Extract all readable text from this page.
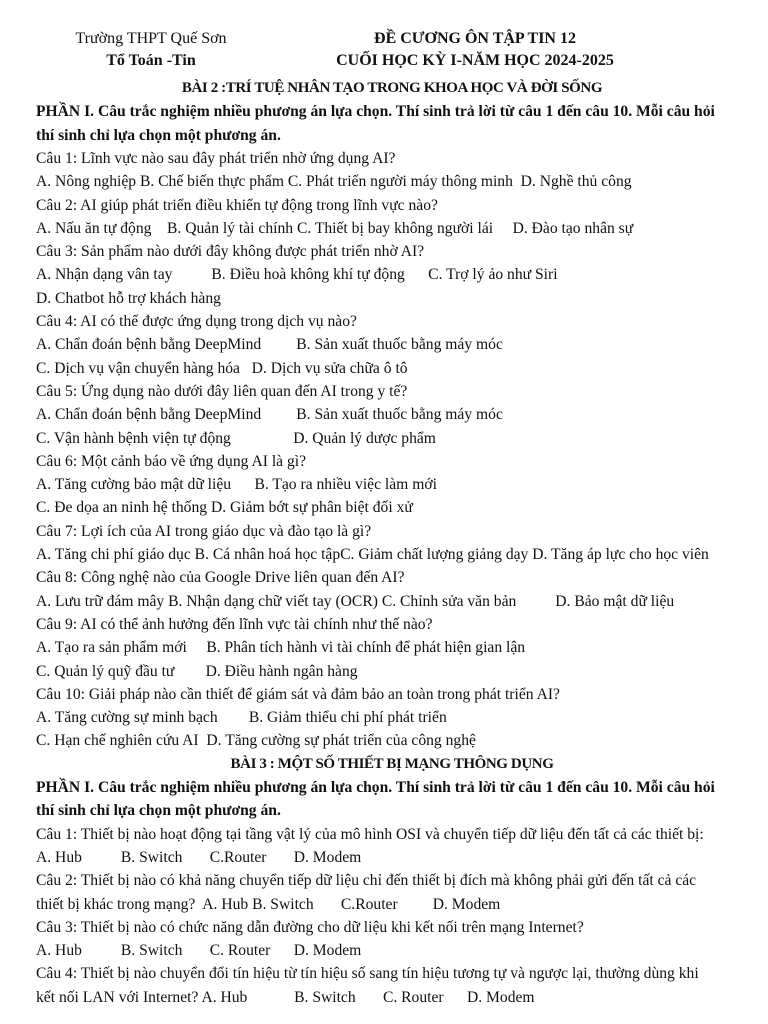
Trường THPT Quế Sơn
Tổ Toán -Tin
ĐỀ CƯƠNG ÔN TẬP TIN 12
CUỐI HỌC KỲ I-NĂM HỌC 2024-2025
BÀI 2 :TRÍ TUỆ NHÂN TẠO TRONG KHOA HỌC VÀ ĐỜI SỐNG
PHẦN I. Câu trắc nghiệm nhiều phương án lựa chọn. Thí sinh trả lời từ câu 1 đến câu 10. Mỗi câu hỏi
thí sinh chỉ lựa chọn một phương án.
Câu 1: Lĩnh vực nào sau đây phát triển nhờ ứng dụng AI?
A. Nông nghiệp B. Chế biến thực phẩm C. Phát triển người máy thông minh  D. Nghề thủ công
Câu 2: AI giúp phát triển điều khiển tự động trong lĩnh vực nào?
A. Nấu ăn tự động    B. Quản lý tài chính C. Thiết bị bay không người lái     D. Đào tạo nhân sự
Câu 3: Sản phẩm nào dưới đây không được phát triển nhờ AI?
A. Nhận dạng vân tay          B. Điều hoà không khí tự động      C. Trợ lý ảo như Siri
D. Chatbot hỗ trợ khách hàng
Câu 4: AI có thể được ứng dụng trong dịch vụ nào?
A. Chẩn đoán bệnh bằng DeepMind         B. Sản xuất thuốc bằng máy móc
C. Dịch vụ vận chuyển hàng hóa   D. Dịch vụ sửa chữa ô tô
Câu 5: Ứng dụng nào dưới đây liên quan đến AI trong y tế?
A. Chẩn đoán bệnh bằng DeepMind         B. Sản xuất thuốc bằng máy móc
C. Vận hành bệnh viện tự động                D. Quản lý dược phẩm
Câu 6: Một cảnh báo về ứng dụng AI là gì?
A. Tăng cường bảo mật dữ liệu      B. Tạo ra nhiều việc làm mới
C. Đe dọa an ninh hệ thống D. Giảm bớt sự phân biệt đối xử
Câu 7: Lợi ích của AI trong giáo dục và đào tạo là gì?
A. Tăng chi phí giáo dục B. Cá nhân hoá học tậpC. Giảm chất lượng giảng dạy D. Tăng áp lực cho học viên
Câu 8: Công nghệ nào của Google Drive liên quan đến AI?
A. Lưu trữ đám mây B. Nhận dạng chữ viết tay (OCR) C. Chỉnh sửa văn bản          D. Bảo mật dữ liệu
Câu 9: AI có thể ảnh hưởng đến lĩnh vực tài chính như thế nào?
A. Tạo ra sản phẩm mới     B. Phân tích hành vi tài chính để phát hiện gian lận
C. Quản lý quỹ đầu tư        D. Điều hành ngân hàng
Câu 10: Giải pháp nào cần thiết để giám sát và đảm bảo an toàn trong phát triển AI?
A. Tăng cường sự minh bạch        B. Giảm thiểu chi phí phát triển
C. Hạn chế nghiên cứu AI  D. Tăng cường sự phát triển của công nghệ
BÀI 3 : MỘT SỐ THIẾT BỊ MẠNG THÔNG DỤNG
PHẦN I. Câu trắc nghiệm nhiều phương án lựa chọn. Thí sinh trả lời từ câu 1 đến câu 10. Mỗi câu hỏi
thí sinh chỉ lựa chọn một phương án.
Câu 1: Thiết bị nào hoạt động tại tầng vật lý của mô hình OSI và chuyển tiếp dữ liệu đến tất cả các thiết bị:
A. Hub          B. Switch       C.Router       D. Modem
Câu 2: Thiết bị nào có khả năng chuyển tiếp dữ liệu chỉ đến thiết bị đích mà không phải gửi đến tất cả các
thiết bị khác trong mạng?  A. Hub B. Switch       C.Router         D. Modem
Câu 3: Thiết bị nào có chức năng dẫn đường cho dữ liệu khi kết nối trên mạng Internet?
A. Hub          B. Switch       C. Router      D. Modem
Câu 4: Thiết bị nào chuyển đổi tín hiệu từ tín hiệu số sang tín hiệu tương tự và ngược lại, thường dùng khi
kết nối LAN với Internet? A. Hub            B. Switch       C. Router      D. Modem
